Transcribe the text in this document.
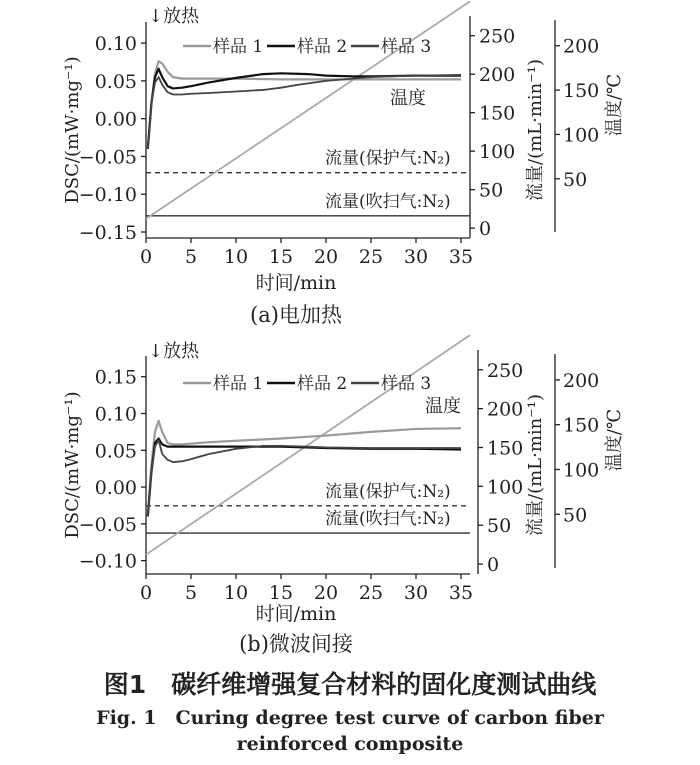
0 5 10 15 20 25 30 35
0.10
0.05
0.00
−0.05
−0.10
−0.15	0
50
100
150
200
250
50
100
150
200
DSC/(mW·mg⁻¹)	流量/(mL·min⁻¹)	温度/℃
时间/min
(a)电加热
↓放热
流量(保护气:N₂)
流量(吹扫气:N₂)
温度
样品 1 样品 2 样品 3
0 5 10 15 20 25 30 35
0.15
0.10
0.05
0.00
−0.05
−0.10	0
50
100
150
200
250
50
100
150
200
DSC/(mW·mg⁻¹)	流量/(mL·min⁻¹)	温度/℃
时间/min
(b)微波间接
↓放热
流量(保护气:N₂)
流量(吹扫气:N₂)
温度
样品 1 样品 2 样品 3
图1　碳纤维增强复合材料的固化度测试曲线
Fig. 1　Curing degree test curve of carbon fiber
reinforced composite
